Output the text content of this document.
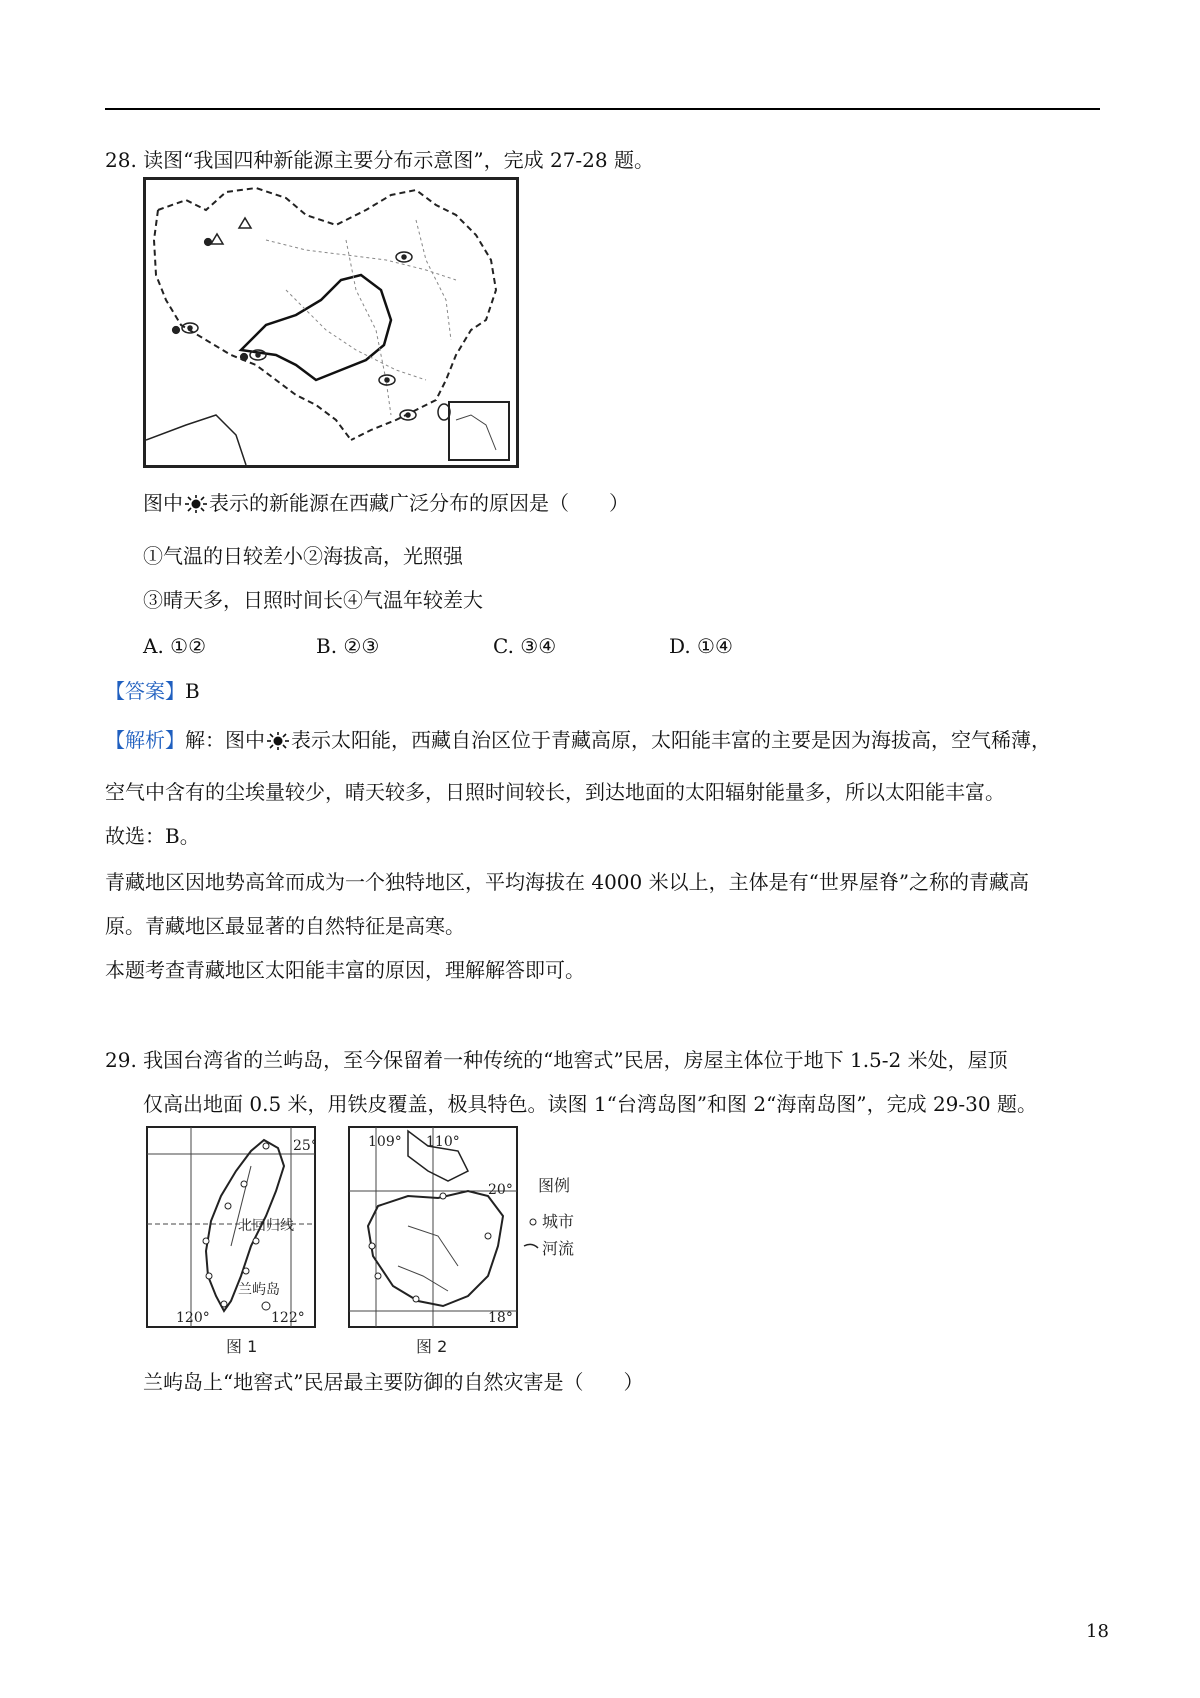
28. 读图“我国四种新能源主要分布示意图”，完成 27-28 题。
图中 表示的新能源在西藏广泛分布的原因是（　　）
①气温的日较差小②海拔高，光照强
③晴天多，日照时间长④气温年较差大
A. ①②	B. ②③	C. ③④	D. ①④
【答案】B
【解析】解：图中 表示太阳能，西藏自治区位于青藏高原，太阳能丰富的主要是因为海拔高，空气稀薄，
空气中含有的尘埃量较少，晴天较多，日照时间较长，到达地面的太阳辐射能量多，所以太阳能丰富。
故选：B。
青藏地区因地势高耸而成为一个独特地区，平均海拔在 4000 米以上，主体是有“世界屋脊”之称的青藏高
原。青藏地区最显著的自然特征是高寒。
本题考查青藏地区太阳能丰富的原因，理解解答即可。
29. 我国台湾省的兰屿岛，至今保留着一种传统的“地窖式”民居，房屋主体位于地下 1.5-2 米处，屋顶
仅高出地面 0.5 米，用铁皮覆盖，极具特色。读图 1“台湾岛图”和图 2“海南岛图”，完成 29-30 题。
25°
北回归线
兰屿岛
120°	122°
图 1
109° 110°
20°
18°
图 2
图例
城市
河流
兰屿岛上“地窖式”民居最主要防御的自然灾害是（　　）
18
